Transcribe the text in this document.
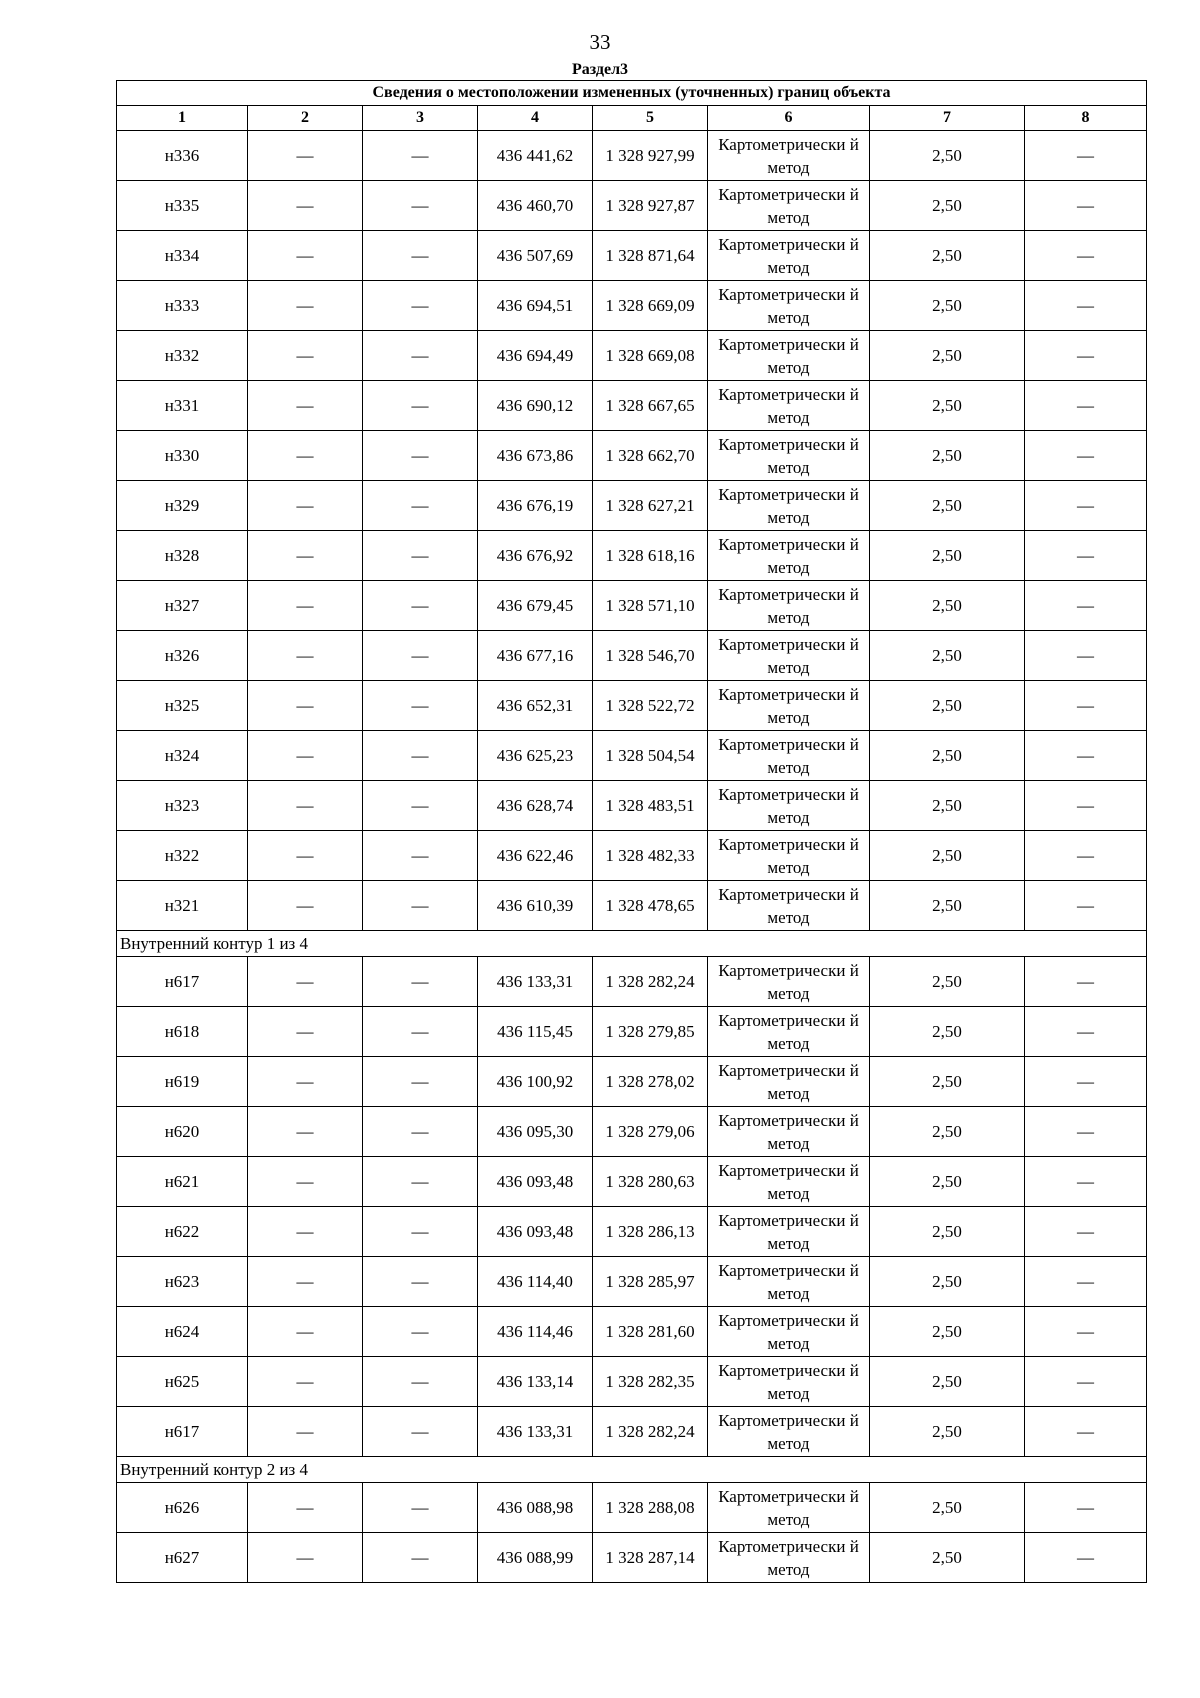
33
Раздел3
Сведения о местоположении измененных (уточненных) границ объекта							
1	2	3	4	5	6	7	8
н336	—	—	436 441,62	1 328 927,99	Картометрически й метод	2,50	—
н335	—	—	436 460,70	1 328 927,87	Картометрически й метод	2,50	—
н334	—	—	436 507,69	1 328 871,64	Картометрически й метод	2,50	—
н333	—	—	436 694,51	1 328 669,09	Картометрически й метод	2,50	—
н332	—	—	436 694,49	1 328 669,08	Картометрически й метод	2,50	—
н331	—	—	436 690,12	1 328 667,65	Картометрически й метод	2,50	—
н330	—	—	436 673,86	1 328 662,70	Картометрически й метод	2,50	—
н329	—	—	436 676,19	1 328 627,21	Картометрически й метод	2,50	—
н328	—	—	436 676,92	1 328 618,16	Картометрически й метод	2,50	—
н327	—	—	436 679,45	1 328 571,10	Картометрически й метод	2,50	—
н326	—	—	436 677,16	1 328 546,70	Картометрически й метод	2,50	—
н325	—	—	436 652,31	1 328 522,72	Картометрически й метод	2,50	—
н324	—	—	436 625,23	1 328 504,54	Картометрически й метод	2,50	—
н323	—	—	436 628,74	1 328 483,51	Картометрически й метод	2,50	—
н322	—	—	436 622,46	1 328 482,33	Картометрически й метод	2,50	—
н321	—	—	436 610,39	1 328 478,65	Картометрически й метод	2,50	—
Внутренний контур 1 из 4							
н617	—	—	436 133,31	1 328 282,24	Картометрически й метод	2,50	—
н618	—	—	436 115,45	1 328 279,85	Картометрически й метод	2,50	—
н619	—	—	436 100,92	1 328 278,02	Картометрически й метод	2,50	—
н620	—	—	436 095,30	1 328 279,06	Картометрически й метод	2,50	—
н621	—	—	436 093,48	1 328 280,63	Картометрически й метод	2,50	—
н622	—	—	436 093,48	1 328 286,13	Картометрически й метод	2,50	—
н623	—	—	436 114,40	1 328 285,97	Картометрически й метод	2,50	—
н624	—	—	436 114,46	1 328 281,60	Картометрически й метод	2,50	—
н625	—	—	436 133,14	1 328 282,35	Картометрически й метод	2,50	—
н617	—	—	436 133,31	1 328 282,24	Картометрически й метод	2,50	—
Внутренний контур 2 из 4							
н626	—	—	436 088,98	1 328 288,08	Картометрически й метод	2,50	—
н627	—	—	436 088,99	1 328 287,14	Картометрически й метод	2,50	—
